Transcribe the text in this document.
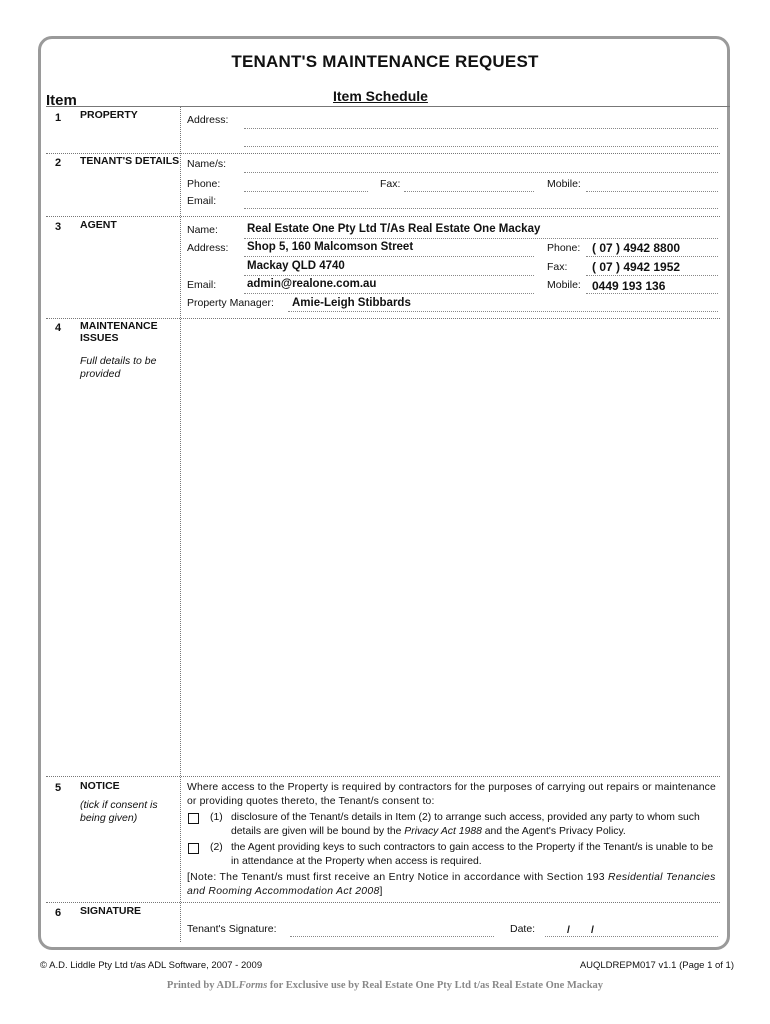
TENANT'S MAINTENANCE REQUEST
Item	Item Schedule
1	PROPERTY	Address:
2	TENANT'S DETAILS Name/s:
Phone:	Fax:	Mobile:
Email:
3	AGENT	Name:	Real Estate One Pty Ltd T/As Real Estate One Mackay
Address: Shop 5, 160 Malcomson Street
Mackay QLD 4740
Email:	admin@realone.com.au
Phone: ( 07 ) 4942 8800
Fax: ( 07 ) 4942 1952
Mobile: 0449 193 136
Property Manager: Amie-Leigh Stibbards
4	MAINTENANCE ISSUES
Full details to be provided
5	NOTICE
(tick if consent is being given)
Where access to the Property is required by contractors for the purposes of carrying out repairs or maintenance or providing quotes thereto, the Tenant/s consent to:
(1) disclosure of the Tenant/s details in Item (2) to arrange such access, provided any party to whom such details are given will be bound by the Privacy Act 1988 and the Agent's Privacy Policy.
(2) the Agent providing keys to such contractors to gain access to the Property if the Tenant/s is unable to be in attendance at the Property when access is required.
[Note: The Tenant/s must first receive an Entry Notice in accordance with Section 193 Residential Tenancies and Rooming Accommodation Act 2008]
6	SIGNATURE
Tenant's Signature:	Date:	/ /
© A.D. Liddle Pty Ltd t/as ADL Software, 2007 - 2009	AUQLDREPM017 v1.1 (Page 1 of 1)
Printed by ADLForms for Exclusive use by Real Estate One Pty Ltd t/as Real Estate One Mackay
